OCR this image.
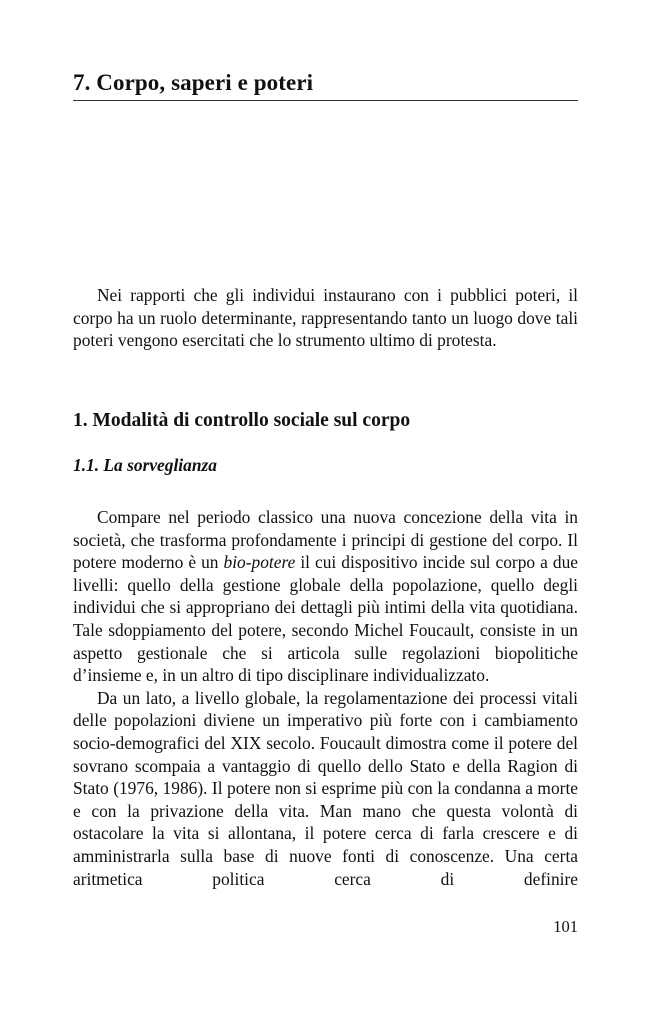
7. Corpo, saperi e poteri

Nei rapporti che gli individui instaurano con i pubblici poteri, il corpo ha un ruolo determinante, rappresentando tanto un luogo dove tali poteri vengono esercitati che lo strumento ultimo di protesta.

1. Modalità di controllo sociale sul corpo
1.1. La sorveglianza

Compare nel periodo classico una nuova concezione della vita in società, che trasforma profondamente i principi di gestione del corpo. Il potere moderno è un bio-potere il cui dispositivo incide sul corpo a due livelli: quello della gestione globale della popolazione, quello degli individui che si appropriano dei dettagli più intimi della vita quotidiana. Tale sdoppiamento del potere, secondo Michel Foucault, consiste in un aspetto gestionale che si articola sulle regolazioni biopolitiche d’insieme e, in un altro di tipo disciplinare individualizzato.

Da un lato, a livello globale, la regolamentazione dei processi vitali delle popolazioni diviene un imperativo più forte con i cambiamento socio-demografici del XIX secolo. Foucault dimostra come il potere del sovrano scompaia a vantaggio di quello dello Stato e della Ragion di Stato (1976, 1986). Il potere non si esprime più con la condanna a morte e con la privazione della vita. Man mano che questa volontà di ostacolare la vita si allontana, il potere cerca di farla crescere e di amministrarla sulla base di nuove fonti di conoscenze. Una certa aritmetica politica cerca di definire

101
